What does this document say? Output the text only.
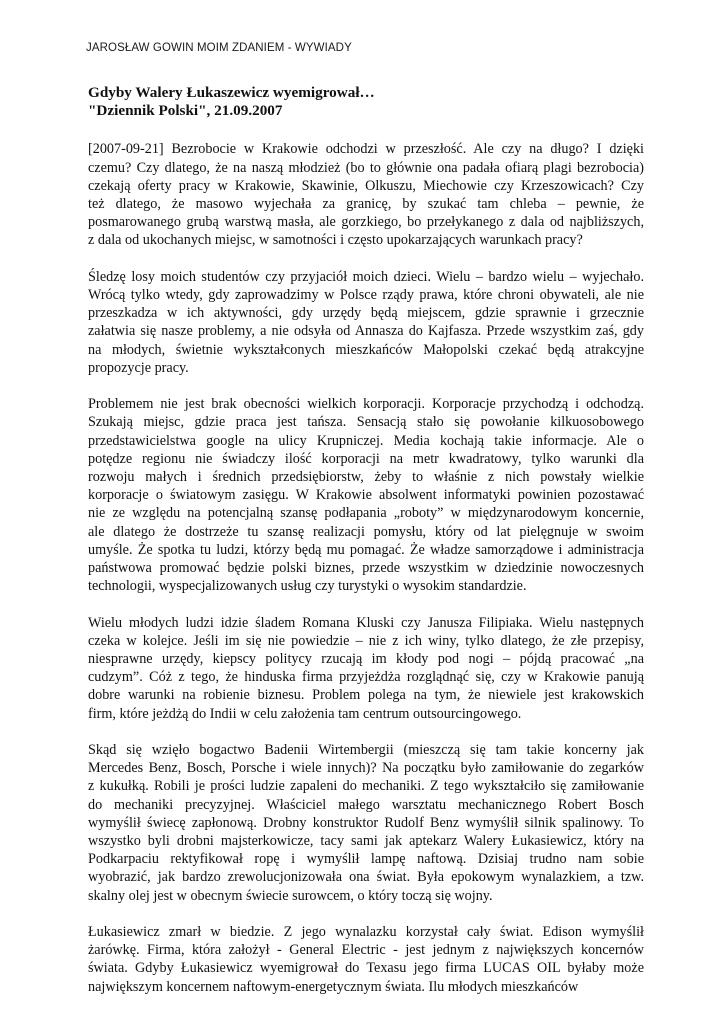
JAROSŁAW GOWIN MOIM ZDANIEM - WYWIADY
Gdyby Walery Łukaszewicz wyemigrował…
"Dziennik Polski", 21.09.2007
[2007-09-21] Bezrobocie w Krakowie odchodzi w przeszłość. Ale czy na długo? I dzięki
czemu? Czy dlatego, że na naszą młodzież (bo to głównie ona padała ofiarą plagi bezrobocia)
czekają oferty pracy w Krakowie, Skawinie, Olkuszu, Miechowie czy Krzeszowicach? Czy
też dlatego, że masowo wyjechała za granicę, by szukać tam chleba – pewnie, że
posmarowanego grubą warstwą masła, ale gorzkiego, bo przełykanego z dala od najbliższych,
z dala od ukochanych miejsc, w samotności i często upokarzających warunkach pracy?
Śledzę losy moich studentów czy przyjaciół moich dzieci. Wielu – bardzo wielu – wyjechało.
Wrócą tylko wtedy, gdy zaprowadzimy w Polsce rządy prawa, które chroni obywateli, ale nie
przeszkadza w ich aktywności, gdy urzędy będą miejscem, gdzie sprawnie i grzecznie
załatwia się nasze problemy, a nie odsyła od Annasza do Kajfasza. Przede wszystkim zaś, gdy
na młodych, świetnie wykształconych mieszkańców Małopolski czekać będą atrakcyjne
propozycje pracy.
Problemem nie jest brak obecności wielkich korporacji. Korporacje przychodzą i odchodzą.
Szukają miejsc, gdzie praca jest tańsza. Sensacją stało się powołanie kilkuosobowego
przedstawicielstwa google na ulicy Krupniczej. Media kochają takie informacje. Ale o
potędze regionu nie świadczy ilość korporacji na metr kwadratowy, tylko warunki dla
rozwoju małych i średnich przedsiębiorstw, żeby to właśnie z nich powstały wielkie
korporacje o światowym zasięgu. W Krakowie absolwent informatyki powinien pozostawać
nie ze względu na potencjalną szansę podłapania „roboty” w międzynarodowym koncernie,
ale dlatego że dostrzeże tu szansę realizacji pomysłu, który od lat pielęgnuje w swoim
umyśle. Że spotka tu ludzi, którzy będą mu pomagać. Że władze samorządowe i administracja
państwowa promować będzie polski biznes, przede wszystkim w dziedzinie nowoczesnych
technologii, wyspecjalizowanych usług czy turystyki o wysokim standardzie.
Wielu młodych ludzi idzie śladem Romana Kluski czy Janusza Filipiaka. Wielu następnych
czeka w kolejce. Jeśli im się nie powiedzie – nie z ich winy, tylko dlatego, że złe przepisy,
niesprawne urzędy, kiepscy politycy rzucają im kłody pod nogi – pójdą pracować „na
cudzym”. Cóż z tego, że hinduska firma przyjeżdża rozglądnąć się, czy w Krakowie panują
dobre warunki na robienie biznesu. Problem polega na tym, że niewiele jest krakowskich
firm, które jeżdżą do Indii w celu założenia tam centrum outsourcingowego.
Skąd się wzięło bogactwo Badenii Wirtembergii (mieszczą się tam takie koncerny jak
Mercedes Benz, Bosch, Porsche i wiele innych)? Na początku było zamiłowanie do zegarków
z kukułką. Robili je prości ludzie zapaleni do mechaniki. Z tego wykształciło się zamiłowanie
do mechaniki precyzyjnej. Właściciel małego warsztatu mechanicznego Robert Bosch
wymyślił świecę zapłonową. Drobny konstruktor Rudolf Benz wymyślił silnik spalinowy. To
wszystko byli drobni majsterkowicze, tacy sami jak aptekarz Walery Łukasiewicz, który na
Podkarpaciu rektyfikował ropę i wymyślił lampę naftową. Dzisiaj trudno nam sobie
wyobrazić, jak bardzo zrewolucjonizowała ona świat. Była epokowym wynalazkiem, a tzw.
skalny olej jest w obecnym świecie surowcem, o który toczą się wojny.
Łukasiewicz zmarł w biedzie. Z jego wynalazku korzystał cały świat. Edison wymyślił
żarówkę. Firma, która założył - General Electric - jest jednym z największych koncernów
świata. Gdyby Łukasiewicz wyemigrował do Texasu jego firma LUCAS OIL byłaby może
największym koncernem naftowym-energetycznym świata. Ilu młodych mieszkańców
